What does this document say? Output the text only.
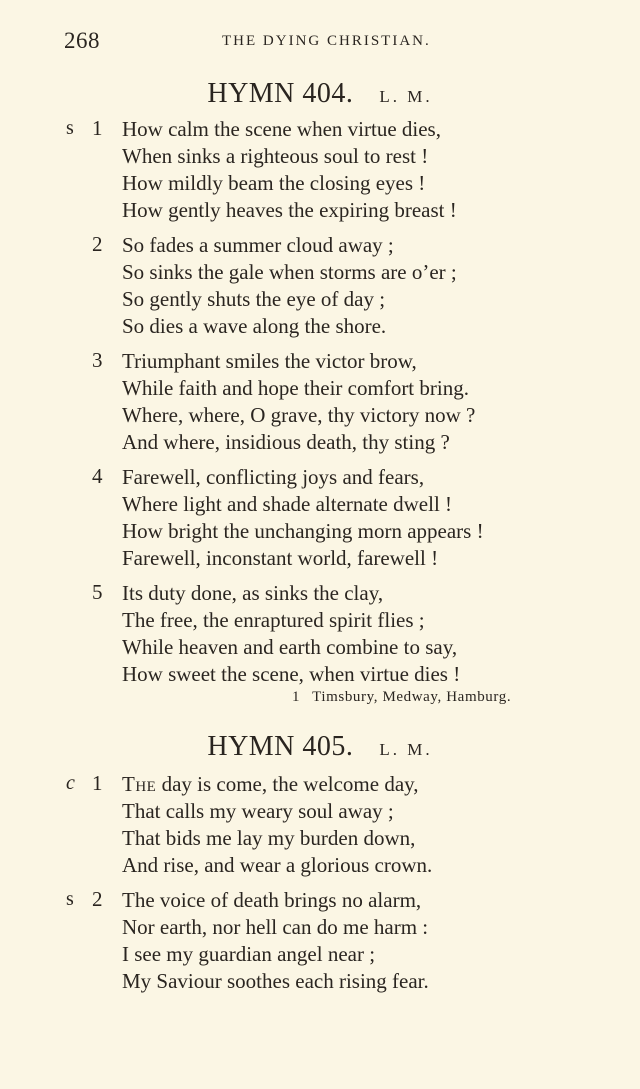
268	THE DYING CHRISTIAN.
HYMN 404. L. M.
s 1 How calm the scene when virtue dies,
When sinks a righteous soul to rest !
How mildly beam the closing eyes !
How gently heaves the expiring breast !
2 So fades a summer cloud away ;
So sinks the gale when storms are o’er ;
So gently shuts the eye of day ;
So dies a wave along the shore.
3 Triumphant smiles the victor brow,
While faith and hope their comfort bring.
Where, where, O grave, thy victory now ?
And where, insidious death, thy sting ?
4 Farewell, conflicting joys and fears,
Where light and shade alternate dwell !
How bright the unchanging morn appears !
Farewell, inconstant world, farewell !
5 Its duty done, as sinks the clay,
The free, the enraptured spirit flies ;
While heaven and earth combine to say,
How sweet the scene, when virtue dies !
1 Timsbury, Medway, Hamburg.
HYMN 405. L. M.
c 1 The day is come, the welcome day,
That calls my weary soul away ;
That bids me lay my burden down,
And rise, and wear a glorious crown.
s 2 The voice of death brings no alarm,
Nor earth, nor hell can do me harm :
I see my guardian angel near ;
My Saviour soothes each rising fear.
